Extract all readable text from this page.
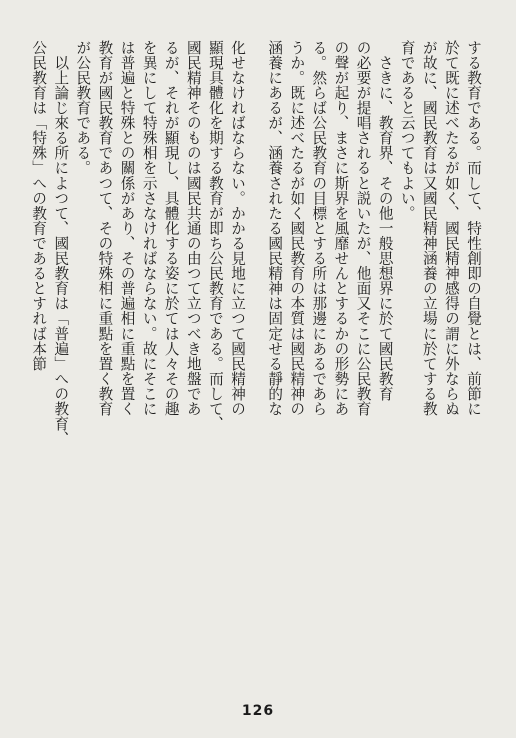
する教育である。而して、特性創即の自覺とは、前節に
於て既に述べたるが如く、國民精神感得の謂に外ならぬ
が故に、國民教育は又國民精神涵養の立場に於てする教
育であると云つてもよい。
　さきに、教育界、その他一般思想界に於て國民教育
の必要が提唱されると説いたが、他面又そこに公民教育
の聲が起り、まさに斯界を風靡せんとするかの形勢にあ
る。然らば公民教育の目標とする所は那邊にあるであら
うか。既に述べたるが如く國民教育の本質は國民精神の
涵養にあるが、涵養されたる國民精神は固定せる靜的な
化せなければならない。かかる見地に立つて國民精神の
顯現具體化を期する教育が即ち公民教育である。而して、
國民精神そのものは國民共通の由つて立つべき地盤であ
るが、それが顯現し、具體化する姿に於ては人々その趣
を異にして特殊相を示さなければならない。故にそこに
は普遍と特殊との關係があり、その普遍相に重點を置く
教育が國民教育であつて、その特殊相に重點を置く教育
が公民教育である。
　以上論じ來る所によつて、國民教育は「普遍」への教育、
公民教育は「特殊」への教育であるとすれば本節
126
